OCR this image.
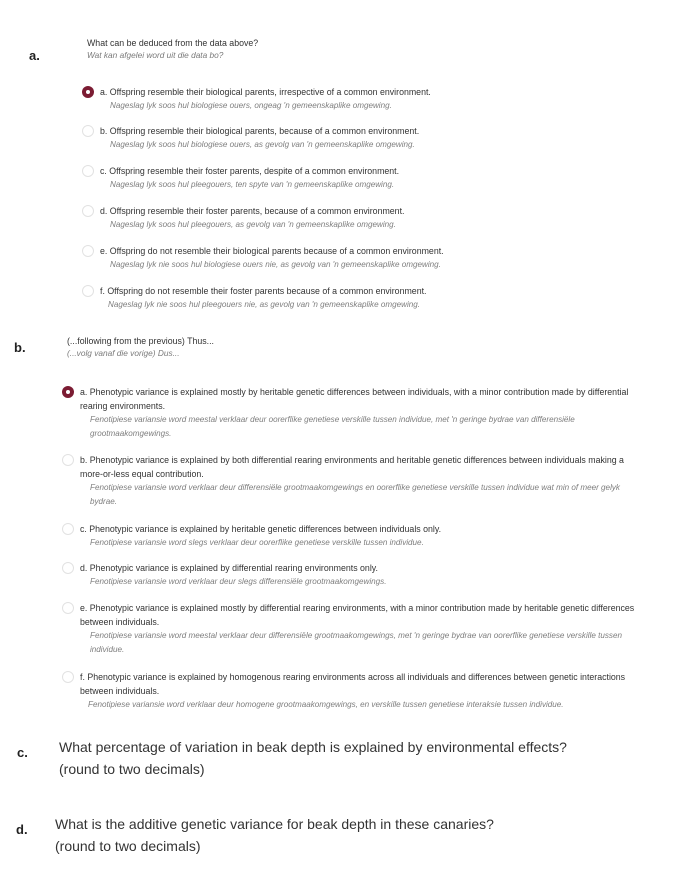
a.
What can be deduced from the data above?
Wat kan afgelei word uit die data bo?
a. Offspring resemble their biological parents, irrespective of a common environment.
Nageslag lyk soos hul biologiese ouers, ongeag 'n gemeenskaplike omgewing.
b. Offspring resemble their biological parents, because of a common environment.
Nageslag lyk soos hul biologiese ouers, as gevolg van 'n gemeenskaplike omgewing.
c. Offspring resemble their foster parents, despite of a common environment.
Nageslag lyk soos hul pleegouers, ten spyte van 'n gemeenskaplike omgewing.
d. Offspring resemble their foster parents, because of a common environment.
Nageslag lyk soos hul pleegouers, as gevolg van 'n gemeenskaplike omgewing.
e. Offspring do not resemble their biological parents because of a common environment.
Nageslag lyk nie soos hul biologiese ouers nie, as gevolg van 'n gemeenskaplike omgewing.
f. Offspring do not resemble their foster parents because of a common environment.
Nageslag lyk nie soos hul pleegouers nie, as gevolg van 'n gemeenskaplike omgewing.
b.	(...following from the previous) Thus...
(...volg vanaf die vorige) Dus...
a. Phenotypic variance is explained mostly by heritable genetic differences between individuals, with a minor contribution made by differential rearing environments.
Fenotipiese variansie word meestal verklaar deur oorerflike genetiese verskille tussen individue, met 'n geringe bydrae van differensiële grootmaakomgewings.
b. Phenotypic variance is explained by both differential rearing environments and heritable genetic differences between individuals making a more-or-less equal contribution.
Fenotipiese variansie word verklaar deur differensiële grootmaakomgewings en oorerflike genetiese verskille tussen individue wat min of meer gelyk bydrae.
c. Phenotypic variance is explained by heritable genetic differences between individuals only.
Fenotipiese variansie word slegs verklaar deur oorerflike genetiese verskille tussen individue.
d. Phenotypic variance is explained by differential rearing environments only.
Fenotipiese variansie word verklaar deur slegs differensiële grootmaakomgewings.
e. Phenotypic variance is explained mostly by differential rearing environments, with a minor contribution made by heritable genetic differences between individuals.
Fenotipiese variansie word meestal verklaar deur differensiële grootmaakomgewings, met 'n geringe bydrae van oorerflike genetiese verskille tussen individue.
f. Phenotypic variance is explained by homogenous rearing environments across all individuals and differences between genetic interactions between individuals.
Fenotipiese variansie word verklaar deur homogene grootmaakomgewings, en verskille tussen genetiese interaksie tussen individue.
c. What percentage of variation in beak depth is explained by environmental effects?
(round to two decimals)
d. What is the additive genetic variance for beak depth in these canaries?
(round to two decimals)
